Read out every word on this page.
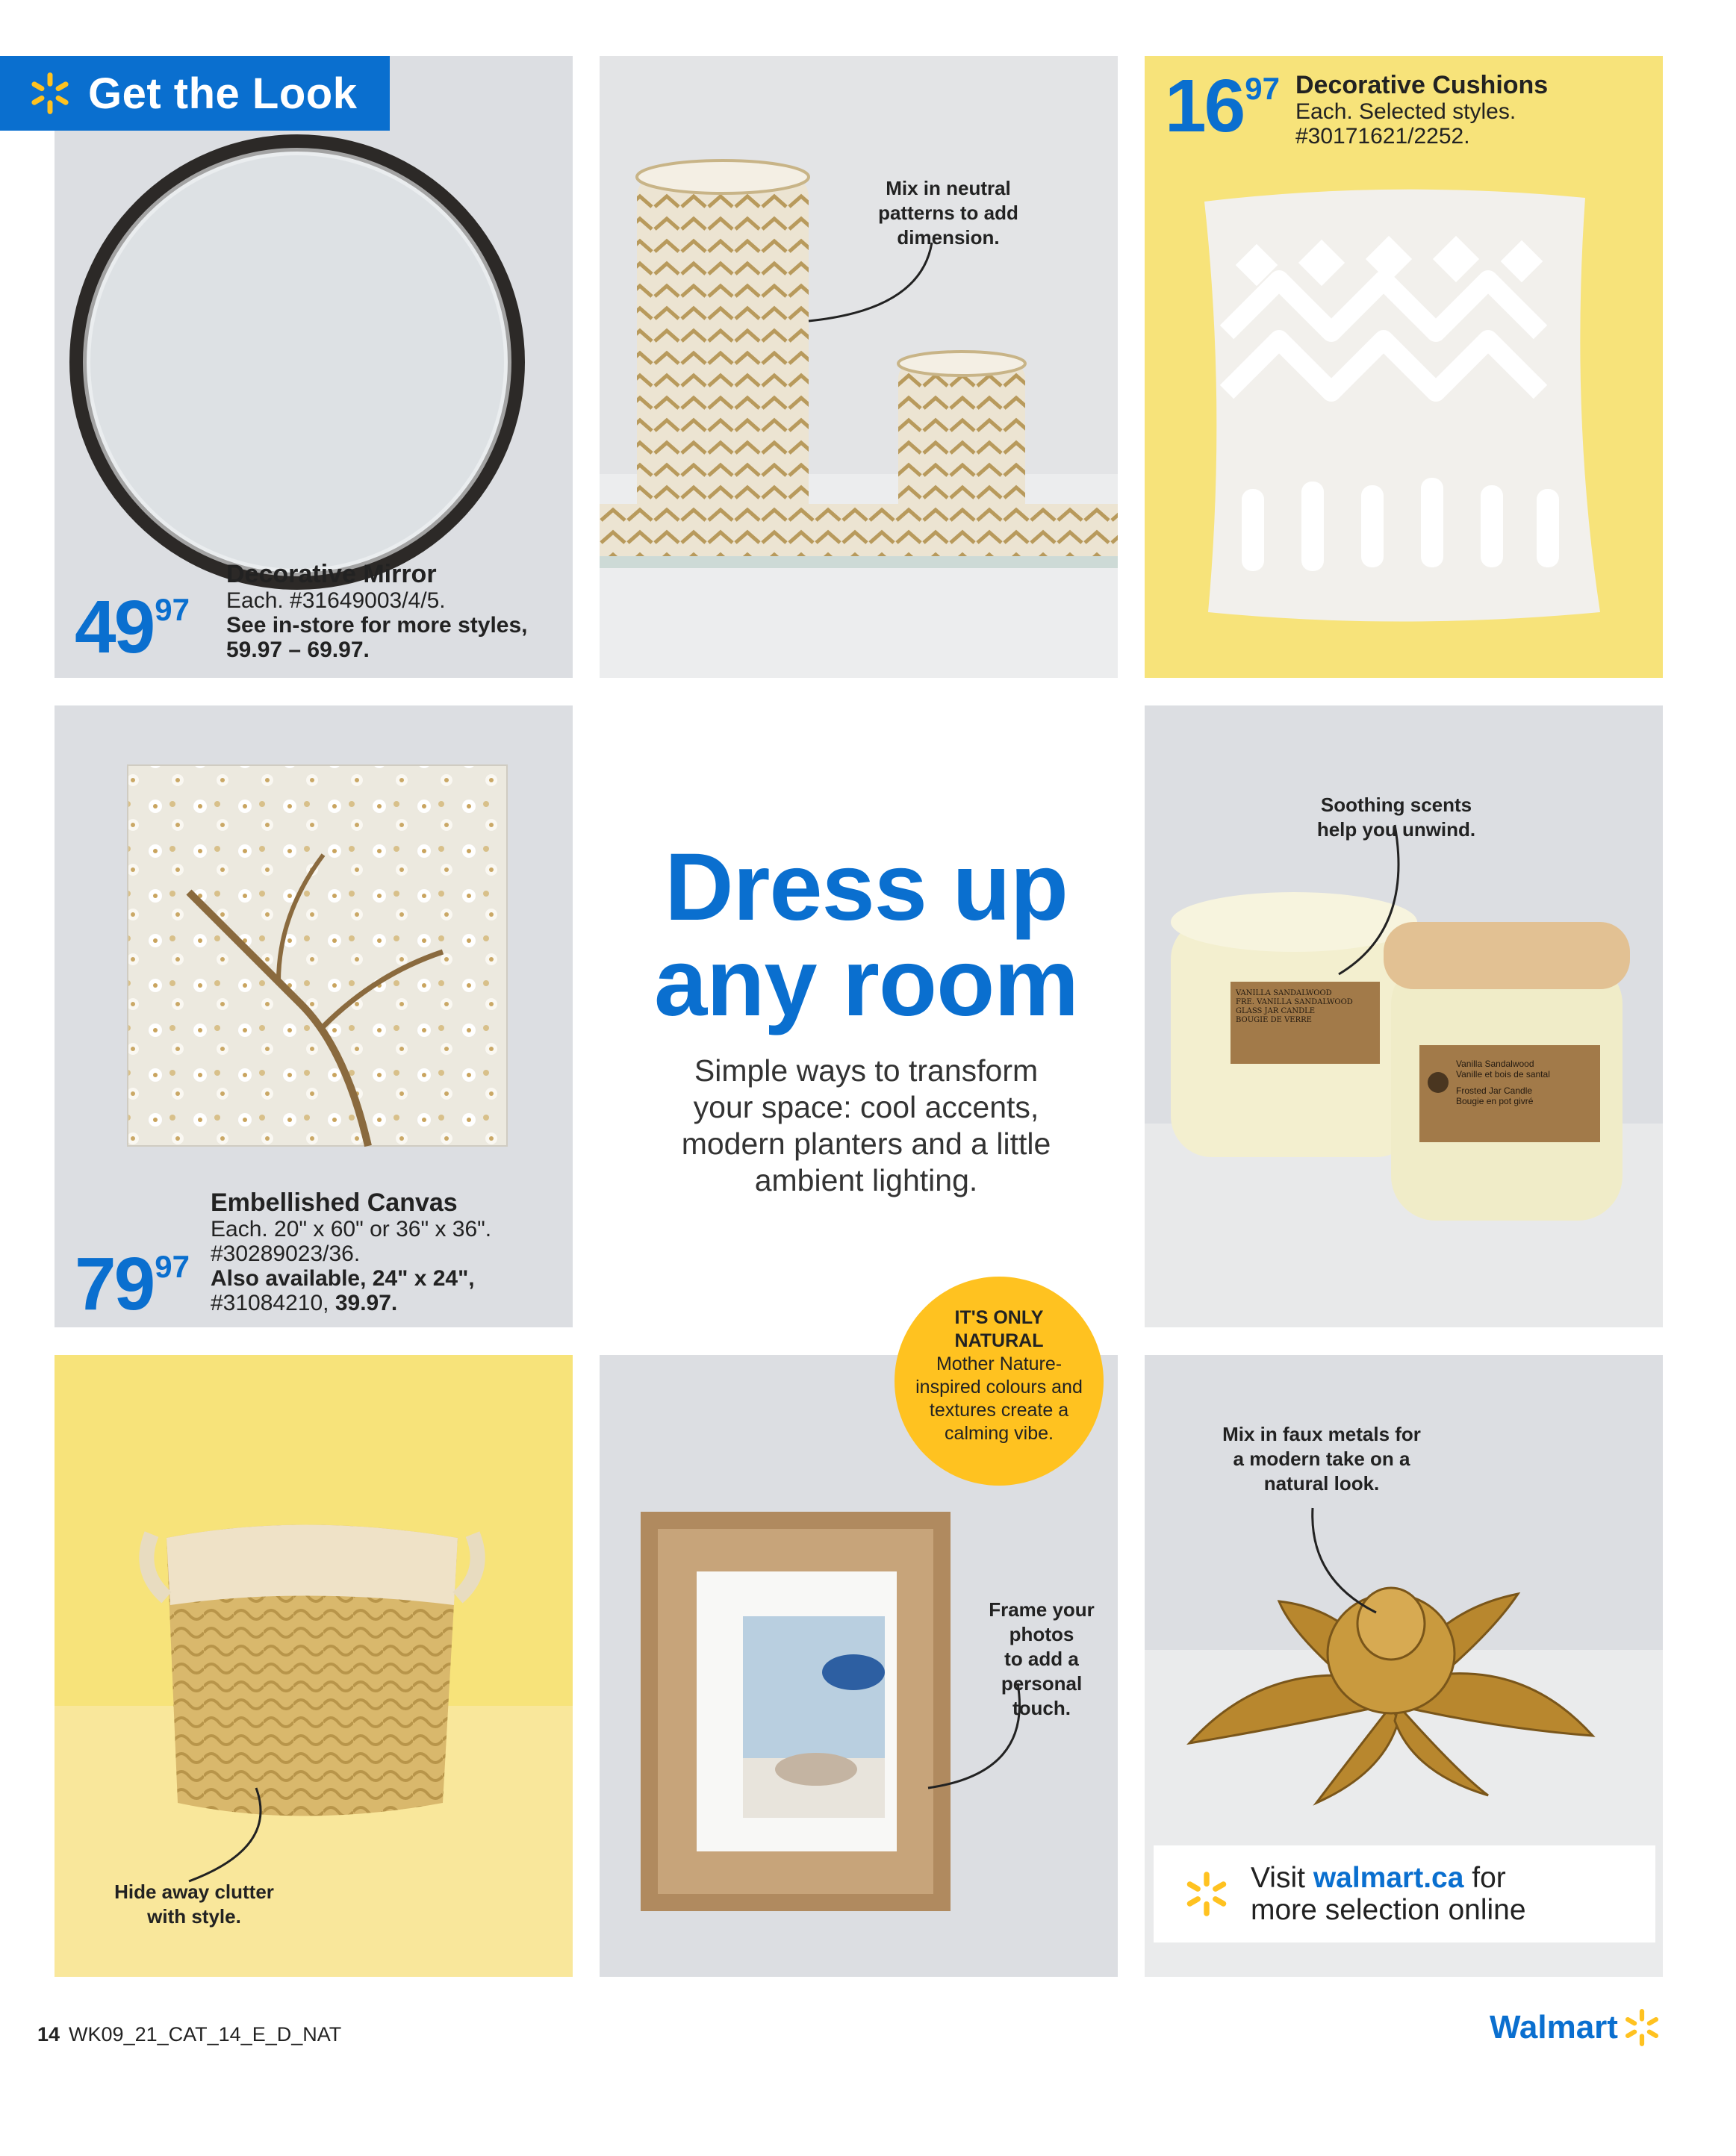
Get the Look
4997
Decorative Mirror
Each. #31649003/4/5.
See in-store for more styles,
59.97 – 69.97.
Mix in neutral
patterns to add
dimension.
1697 Decorative Cushions
Each. Selected styles.
#30171621/2252.
7997
Embellished Canvas
Each. 20" x 60" or 36" x 36".
#30289023/36.
Also available, 24" x 24",
#31084210, 39.97.
Dress up
any room
Simple ways to transform
your space: cool accents,
modern planters and a little
ambient lighting.
VANILLA SANDALWOOD
FRE. VANILLA SANDALWOOD
GLASS JAR CANDLE
BOUGIE DE VERRE
Vanilla Sandalwood
Vanille et bois de santal
Frosted Jar Candle
Bougie en pot givré
Soothing scents
help you unwind.
Hide away clutter
with style.
Frame your
photos
to add a
personal
touch.
IT'S ONLY
NATURAL
Mother Nature-
inspired colours and
textures create a
calming vibe.	Mix in faux metals for
a modern take on a
natural look.
Visit walmart.ca for
more selection online
14 WK09_21_CAT_14_E_D_NAT	Walmart
